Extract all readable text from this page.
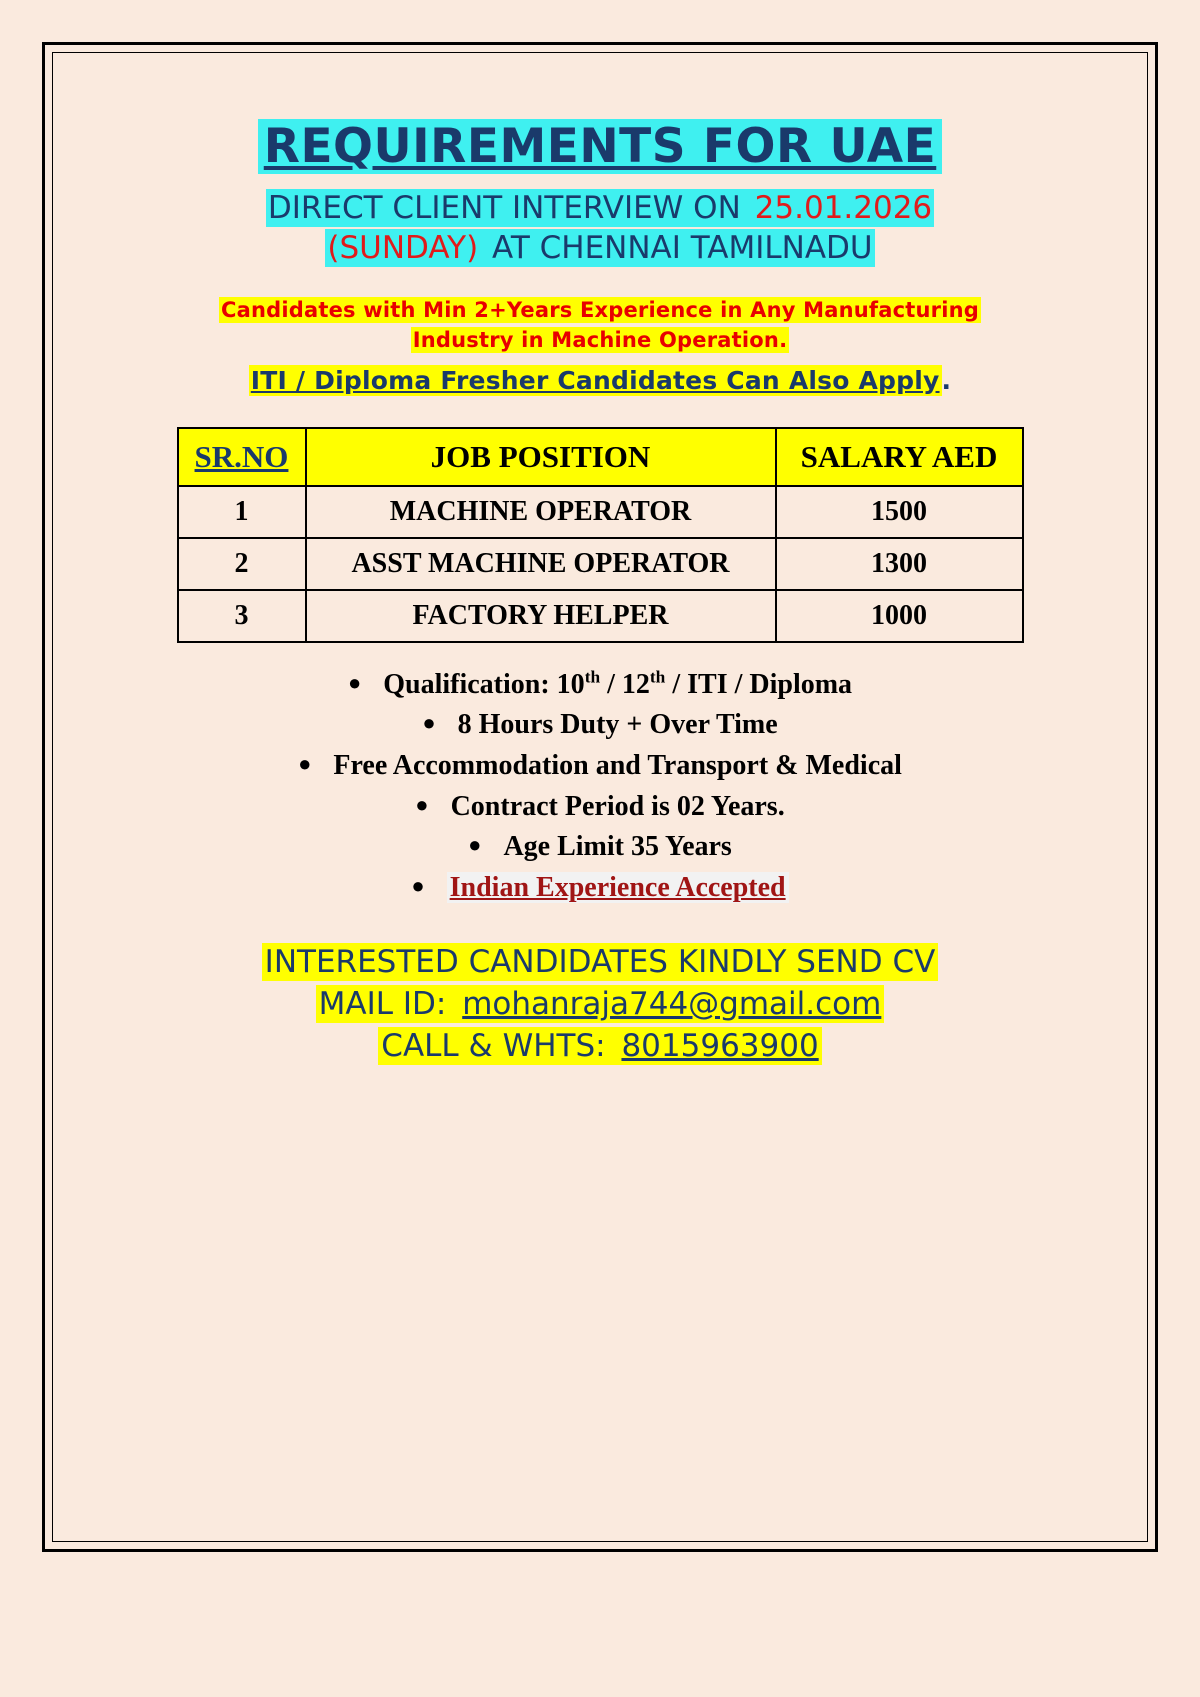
REQUIREMENTS FOR UAE
DIRECT CLIENT INTERVIEW ON 25.01.2026
(SUNDAY) AT CHENNAI TAMILNADU
Candidates with Min 2+Years Experience in Any Manufacturing
Industry in Machine Operation.
ITI / Diploma Fresher Candidates Can Also Apply.
SR.NO	JOB POSITION	SALARY AED
1	MACHINE OPERATOR	1500
2	ASST MACHINE OPERATOR	1300
3	FACTORY HELPER	1000
● Qualification: 10th / 12th / ITI / Diploma
● 8 Hours Duty + Over Time
● Free Accommodation and Transport & Medical
● Contract Period is 02 Years.
● Age Limit 35 Years
● Indian Experience Accepted
INTERESTED CANDIDATES KINDLY SEND CV
MAIL ID: mohanraja744@gmail.com
CALL & WHTS: 8015963900
